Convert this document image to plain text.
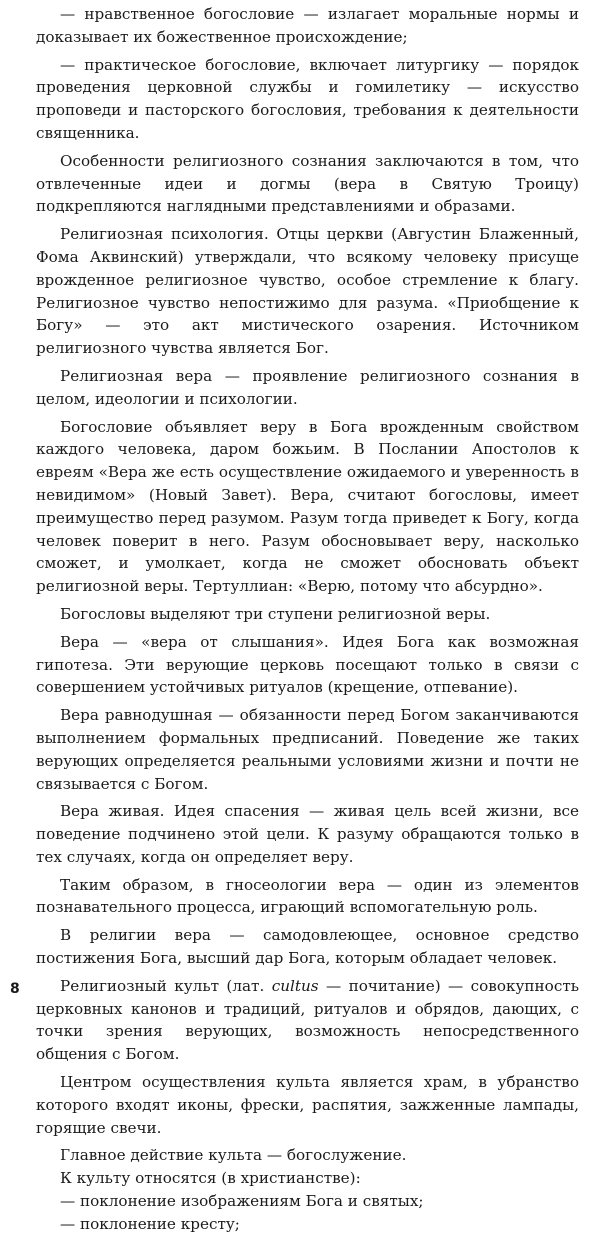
— нравственное богословие — излагает моральные нормы и доказывает их божественное происхождение;

— практическое богословие, включает литургику — порядок проведения церковной службы и гомилетику — искусство проповеди и пасторского богословия, требования к деятельности священника.

Особенности религиозного сознания заключаются в том, что отвлеченные идеи и догмы (вера в Святую Троицу) подкрепляются наглядными представлениями и образами.

Религиозная психология. Отцы церкви (Августин Блаженный, Фома Аквинский) утверждали, что всякому человеку присуще врожденное религиозное чувство, особое стремление к благу. Религиозное чувство непостижимо для разума. «Приобщение к Богу» — это акт мистического озарения. Источником религиозного чувства является Бог.

Религиозная вера — проявление религиозного сознания в целом, идеологии и психологии.

Богословие объявляет веру в Бога врожденным свойством каждого человека, даром божьим. В Послании Апостолов к евреям «Вера же есть осуществление ожидаемого и уверенность в невидимом» (Новый Завет). Вера, считают богословы, имеет преимущество перед разумом. Разум тогда приведет к Богу, когда человек поверит в него. Разум обосновывает веру, насколько сможет, и умолкает, когда не сможет обосновать объект религиозной веры. Тертуллиан: «Верю, потому что абсурдно».

Богословы выделяют три ступени религиозной веры.

Вера — «вера от слышания». Идея Бога как возможная гипотеза. Эти верующие церковь посещают только в связи с совершением устойчивых ритуалов (крещение, отпевание).

Вера равнодушная — обязанности перед Богом заканчиваются выполнением формальных предписаний. Поведение же таких верующих определяется реальными условиями жизни и почти не связывается с Богом.

Вера живая. Идея спасения — живая цель всей жизни, все поведение подчинено этой цели. К разуму обращаются только в тех случаях, когда он определяет веру.

Таким образом, в гносеологии вера — один из элементов познавательного процесса, играющий вспомогательную роль.

В религии вера — самодовлеющее, основное средство постижения Бога, высший дар Бога, которым обладает человек.

Религиозный культ (лат. cultus — почитание) — совокупность церковных канонов и традиций, ритуалов и обрядов, дающих, с точки зрения верующих, возможность непосредственного общения с Богом.

Центром осуществления культа является храм, в убранство которого входят иконы, фрески, распятия, зажженные лампады, горящие свечи.

Главное действие культа — богослужение.

К культу относятся (в христианстве):

— поклонение изображениям Бога и святых;

— поклонение кресту;

8
